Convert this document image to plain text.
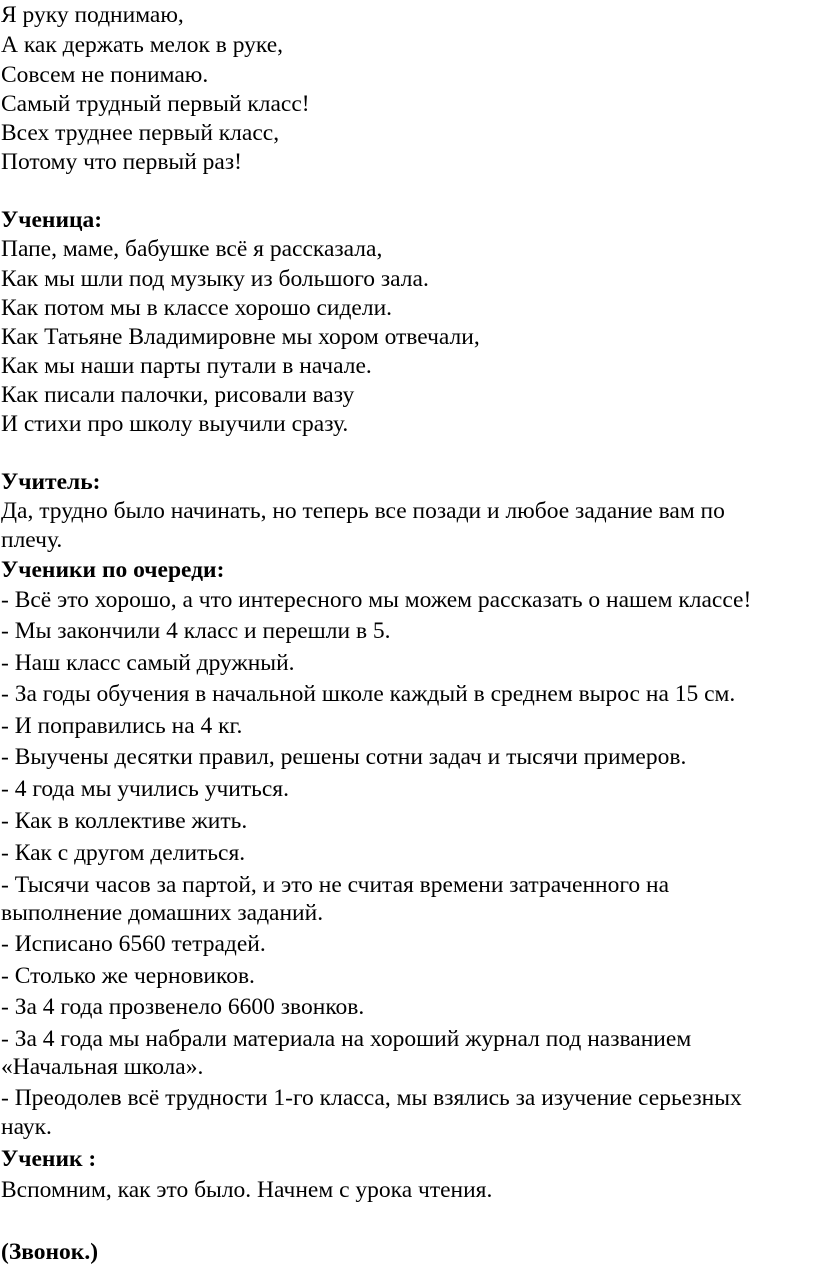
Я руку поднимаю,
А как держать мелок в руке,
Совсем не понимаю.
Самый трудный первый класс!
Всех труднее первый класс,
Потому что первый раз!
Ученица:
Папе, маме, бабушке всё я рассказала,
Как мы шли под музыку из большого зала.
Как потом мы в классе хорошо сидели.
Как Татьяне Владимировне мы хором отвечали,
Как мы наши парты путали в начале.
Как писали палочки, рисовали вазу
И стихи про школу выучили сразу.
Учитель:
Да, трудно было начинать, но теперь все позади и любое задание вам по
плечу.
Ученики по очереди:
- Всё это хорошо, а что интересного мы можем рассказать о нашем классе!
- Мы закончили 4 класс и перешли в 5.
- Наш класс самый дружный.
- За годы обучения в начальной школе каждый в среднем вырос на 15 см.
- И поправились на 4 кг.
- Выучены десятки правил, решены сотни задач и тысячи примеров.
- 4 года мы учились учиться.
- Как в коллективе жить.
- Как с другом делиться.
- Тысячи часов за партой, и это не считая времени затраченного на
выполнение домашних заданий.
- Исписано 6560 тетрадей.
- Столько же черновиков.
- За 4 года прозвенело 6600 звонков.
- За 4 года мы набрали материала на хороший журнал под названием
«Начальная школа».
- Преодолев всё трудности 1-го класса, мы взялись за изучение серьезных
наук.
Ученик :
Вспомним, как это было. Начнем с урока чтения.
(Звонок.)
